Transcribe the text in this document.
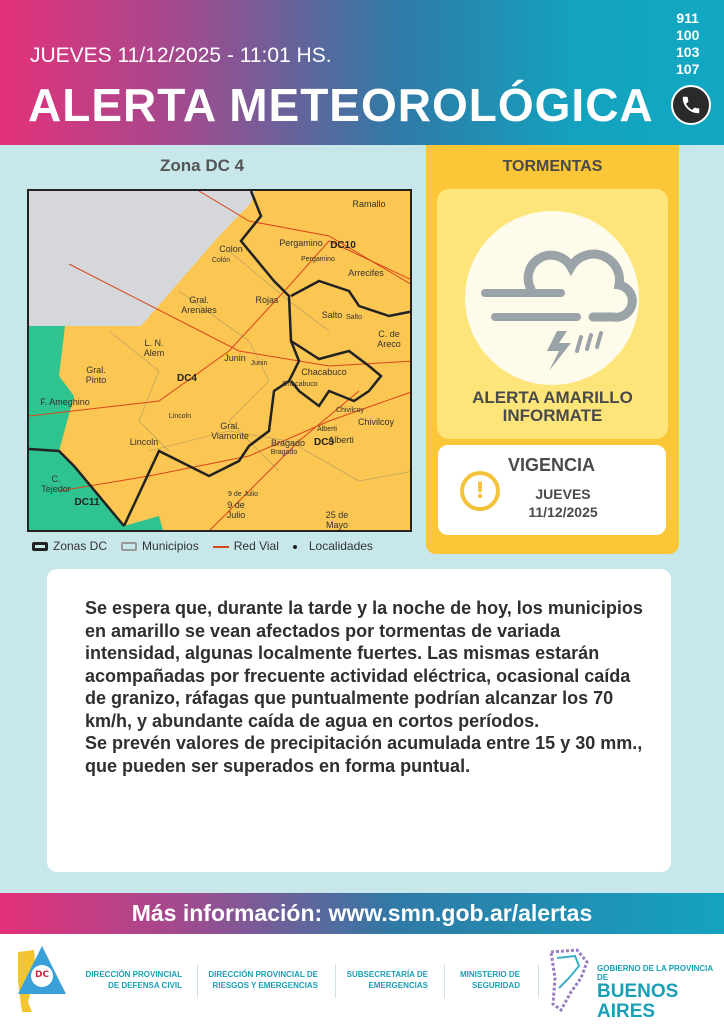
JUEVES 11/12/2025 - 11:01 HS.
ALERTA METEOROLÓGICA
911
100
103
107
Zona DC 4
Ramallo
Pergamino DC10
Colon
Colón	Pergamino
Arrecifes
Gral. Arenales
Rojas
Salto Salto
C. de Areco
L. N. Alem	Junin
Junin
Chacabuco
Chacabuco
Gral. Pinto	DC4
F. Ameghino
Lincoln
Chivilcoy
Chivilcoy
Alberti
Gral. Viamonte
Lincoln	Bragado DC3
Alberti
Bragado
C. Tejedor
DC11
9 de Julio
9 de Julio	25 de Mayo
Zonas DC	Municipios	Red Vial	Localidades
TORMENTAS
ALERTA AMARILLO
INFORMATE
!
VIGENCIA
JUEVES
11/12/2025

Se espera que, durante la tarde y la noche de hoy, los municipios en amarillo se vean afectados por tormentas de variada intensidad, algunas localmente fuertes. Las mismas estarán acompañadas por frecuente actividad eléctrica, ocasional caída de granizo, ráfagas que puntualmente podrían alcanzar los 70 km/h, y abundante caída de agua en cortos períodos.

Se prevén valores de precipitación acumulada entre 15 y 30 mm., que pueden ser superados en forma puntual.

Más información: www.smn.gob.ar/alertas
DC	DIRECCIÓN PROVINCIAL
DE DEFENSA CIVIL
DIRECCIÓN PROVINCIAL DE
RIESGOS Y EMERGENCIAS
SUBSECRETARÍA DE
EMERGENCIAS
MINISTERIO DE
SEGURIDAD
GOBIERNO DE LA PROVINCIA DE
BUENOS AIRES
